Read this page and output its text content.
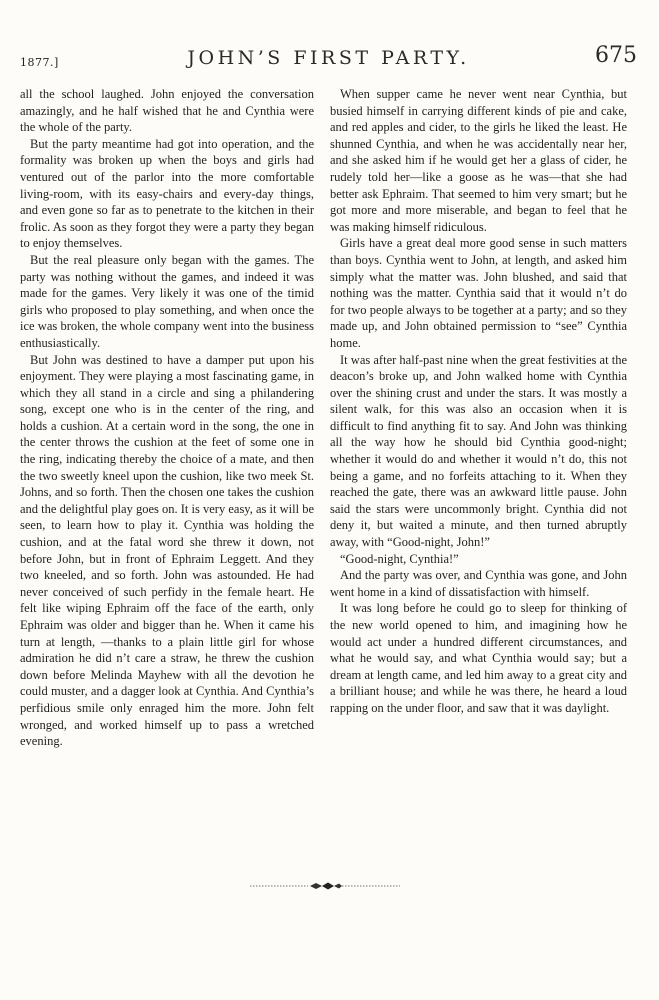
1877.]	JOHN’S FIRST PARTY.	675

all the school laughed. John enjoyed the conversation amazingly, and he half wished that he and Cynthia were the whole of the party.

But the party meantime had got into operation, and the formality was broken up when the boys and girls had ventured out of the parlor into the more comfortable living-room, with its easy-chairs and every-day things, and even gone so far as to penetrate to the kitchen in their frolic. As soon as they forgot they were a party they began to enjoy themselves.

But the real pleasure only began with the games. The party was nothing without the games, and indeed it was made for the games. Very likely it was one of the timid girls who proposed to play something, and when once the ice was broken, the whole company went into the business enthusiastically.

But John was destined to have a damper put upon his enjoyment. They were playing a most fascinating game, in which they all stand in a circle and sing a philandering song, except one who is in the center of the ring, and holds a cushion. At a certain word in the song, the one in the center throws the cushion at the feet of some one in the ring, indicating thereby the choice of a mate, and then the two sweetly kneel upon the cushion, like two meek St. Johns, and so forth. Then the chosen one takes the cushion and the delightful play goes on. It is very easy, as it will be seen, to learn how to play it. Cynthia was holding the cushion, and at the fatal word she threw it down, not before John, but in front of Ephraim Leggett. And they two kneeled, and so forth. John was astounded. He had never conceived of such perfidy in the female heart. He felt like wiping Ephraim off the face of the earth, only Ephraim was older and bigger than he. When it came his turn at length, —thanks to a plain little girl for whose admiration he did n’t care a straw, he threw the cushion down before Melinda Mayhew with all the devotion he could muster, and a dagger look at Cynthia. And Cynthia’s perfidious smile only enraged him the more. John felt wronged, and worked himself up to pass a wretched evening.

When supper came he never went near Cynthia, but busied himself in carrying different kinds of pie and cake, and red apples and cider, to the girls he liked the least. He shunned Cynthia, and when he was accidentally near her, and she asked him if he would get her a glass of cider, he rudely told her—like a goose as he was—that she had better ask Ephraim. That seemed to him very smart; but he got more and more miserable, and began to feel that he was making himself ridiculous.

Girls have a great deal more good sense in such matters than boys. Cynthia went to John, at length, and asked him simply what the matter was. John blushed, and said that nothing was the matter. Cynthia said that it would n’t do for two people always to be together at a party; and so they made up, and John obtained permission to “see” Cynthia home.

It was after half-past nine when the great festivities at the deacon’s broke up, and John walked home with Cynthia over the shining crust and under the stars. It was mostly a silent walk, for this was also an occasion when it is difficult to find anything fit to say. And John was thinking all the way how he should bid Cynthia good-night; whether it would do and whether it would n’t do, this not being a game, and no forfeits attaching to it. When they reached the gate, there was an awkward little pause. John said the stars were uncommonly bright. Cynthia did not deny it, but waited a minute, and then turned abruptly away, with “Good-night, John!”

“Good-night, Cynthia!”

And the party was over, and Cynthia was gone, and John went home in a kind of dissatisfaction with himself.

It was long before he could go to sleep for thinking of the new world opened to him, and imagining how he would act under a hundred different circumstances, and what he would say, and what Cynthia would say; but a dream at length came, and led him away to a great city and a brilliant house; and while he was there, he heard a loud rapping on the under floor, and saw that it was daylight.
